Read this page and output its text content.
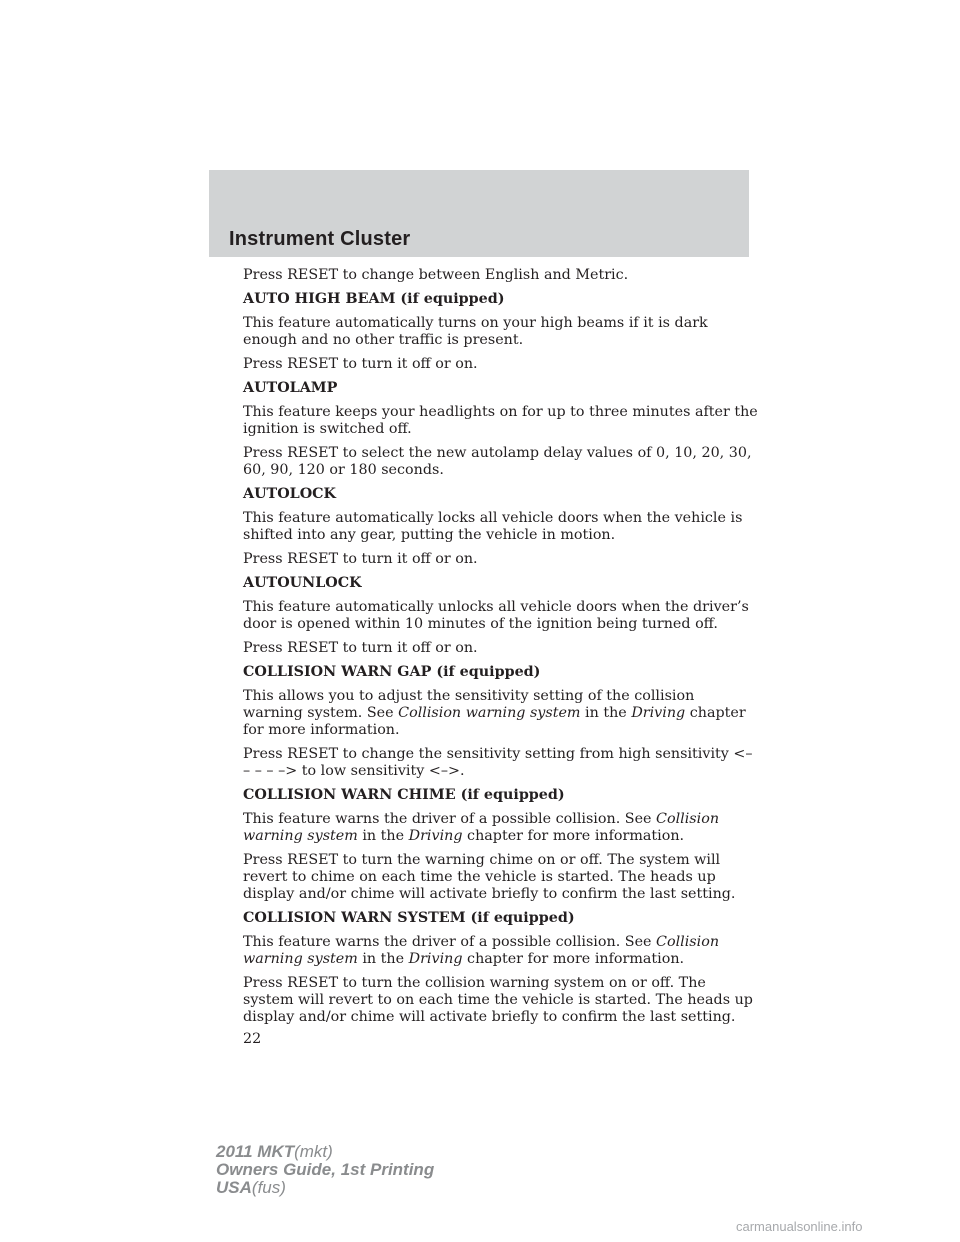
Instrument Cluster

Press RESET to change between English and Metric.

AUTO HIGH BEAM (if equipped)

This feature automatically turns on your high beams if it is dark enough and no other traffic is present.

Press RESET to turn it off or on.

AUTOLAMP

This feature keeps your headlights on for up to three minutes after the ignition is switched off.

Press RESET to select the new autolamp delay values of 0, 10, 20, 30, 60, 90, 120 or 180 seconds.

AUTOLOCK

This feature automatically locks all vehicle doors when the vehicle is shifted into any gear, putting the vehicle in motion.

Press RESET to turn it off or on.

AUTOUNLOCK

This feature automatically unlocks all vehicle doors when the driver’s door is opened within 10 minutes of the ignition being turned off.

Press RESET to turn it off or on.

COLLISION WARN GAP (if equipped)

This allows you to adjust the sensitivity setting of the collision warning system. See Collision warning system in the Driving chapter for more information.

Press RESET to change the sensitivity setting from high sensitivity <– – – – –> to low sensitivity <–>.

COLLISION WARN CHIME (if equipped)

This feature warns the driver of a possible collision. See Collision warning system in the Driving chapter for more information.

Press RESET to turn the warning chime on or off. The system will revert to chime on each time the vehicle is started. The heads up display and/or chime will activate briefly to confirm the last setting.

COLLISION WARN SYSTEM (if equipped)

This feature warns the driver of a possible collision. See Collision warning system in the Driving chapter for more information.

Press RESET to turn the collision warning system on or off. The system will revert to on each time the vehicle is started. The heads up display and/or chime will activate briefly to confirm the last setting.

22
2011 MKT(mkt)
Owners Guide, 1st Printing
USA(fus)
carmanualsonline.info
